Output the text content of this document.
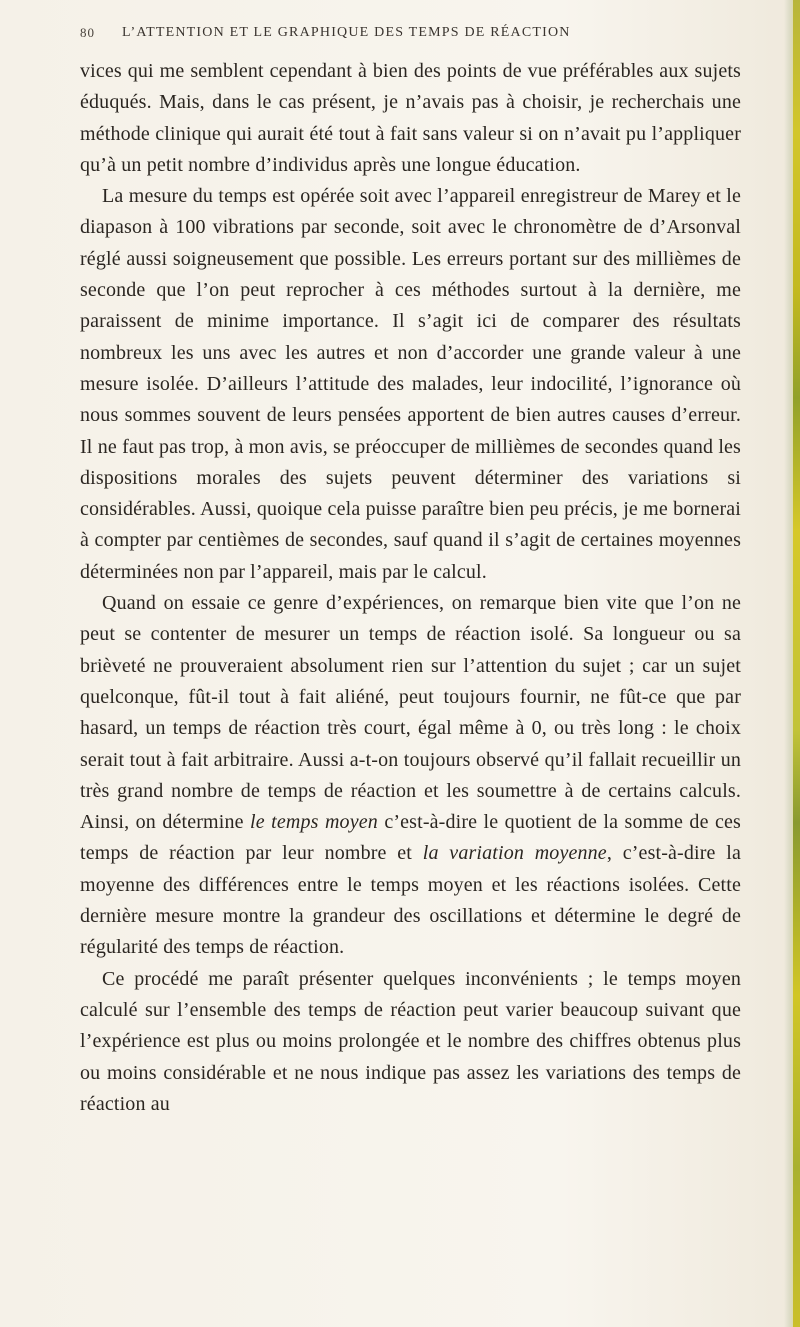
80 L’ATTENTION ET LE GRAPHIQUE DES TEMPS DE RÉACTION

vices qui me semblent cependant à bien des points de vue préférables aux sujets éduqués. Mais, dans le cas présent, je n’avais pas à choisir, je recherchais une méthode clinique qui aurait été tout à fait sans valeur si on n’avait pu l’appliquer qu’à un petit nombre d’individus après une longue éducation.

La mesure du temps est opérée soit avec l’appareil enregistreur de Marey et le diapason à 100 vibrations par seconde, soit avec le chronomètre de d’Arsonval réglé aussi soigneusement que possible. Les erreurs portant sur des millièmes de seconde que l’on peut reprocher à ces méthodes surtout à la dernière, me paraissent de minime importance. Il s’agit ici de comparer des résultats nombreux les uns avec les autres et non d’accorder une grande valeur à une mesure isolée. D’ailleurs l’attitude des malades, leur indocilité, l’ignorance où nous sommes souvent de leurs pensées apportent de bien autres causes d’erreur. Il ne faut pas trop, à mon avis, se préoccuper de millièmes de secondes quand les dispositions morales des sujets peuvent déterminer des variations si considérables. Aussi, quoique cela puisse paraître bien peu précis, je me bornerai à compter par centièmes de secondes, sauf quand il s’agit de certaines moyennes déterminées non par l’appareil, mais par le calcul.

Quand on essaie ce genre d’expériences, on remarque bien vite que l’on ne peut se contenter de mesurer un temps de réaction isolé. Sa longueur ou sa brièveté ne prouveraient absolument rien sur l’attention du sujet ; car un sujet quelconque, fût-il tout à fait aliéné, peut toujours fournir, ne fût-ce que par hasard, un temps de réaction très court, égal même à 0, ou très long : le choix serait tout à fait arbitraire. Aussi a-t-on toujours observé qu’il fallait recueillir un très grand nombre de temps de réaction et les soumettre à de certains calculs. Ainsi, on détermine le temps moyen c’est-à-dire le quotient de la somme de ces temps de réaction par leur nombre et la variation moyenne, c’est-à-dire la moyenne des différences entre le temps moyen et les réactions isolées. Cette dernière mesure montre la grandeur des oscillations et détermine le degré de régularité des temps de réaction.

Ce procédé me paraît présenter quelques inconvénients ; le temps moyen calculé sur l’ensemble des temps de réaction peut varier beaucoup suivant que l’expérience est plus ou moins prolongée et le nombre des chiffres obtenus plus ou moins considérable et ne nous indique pas assez les variations des temps de réaction au
